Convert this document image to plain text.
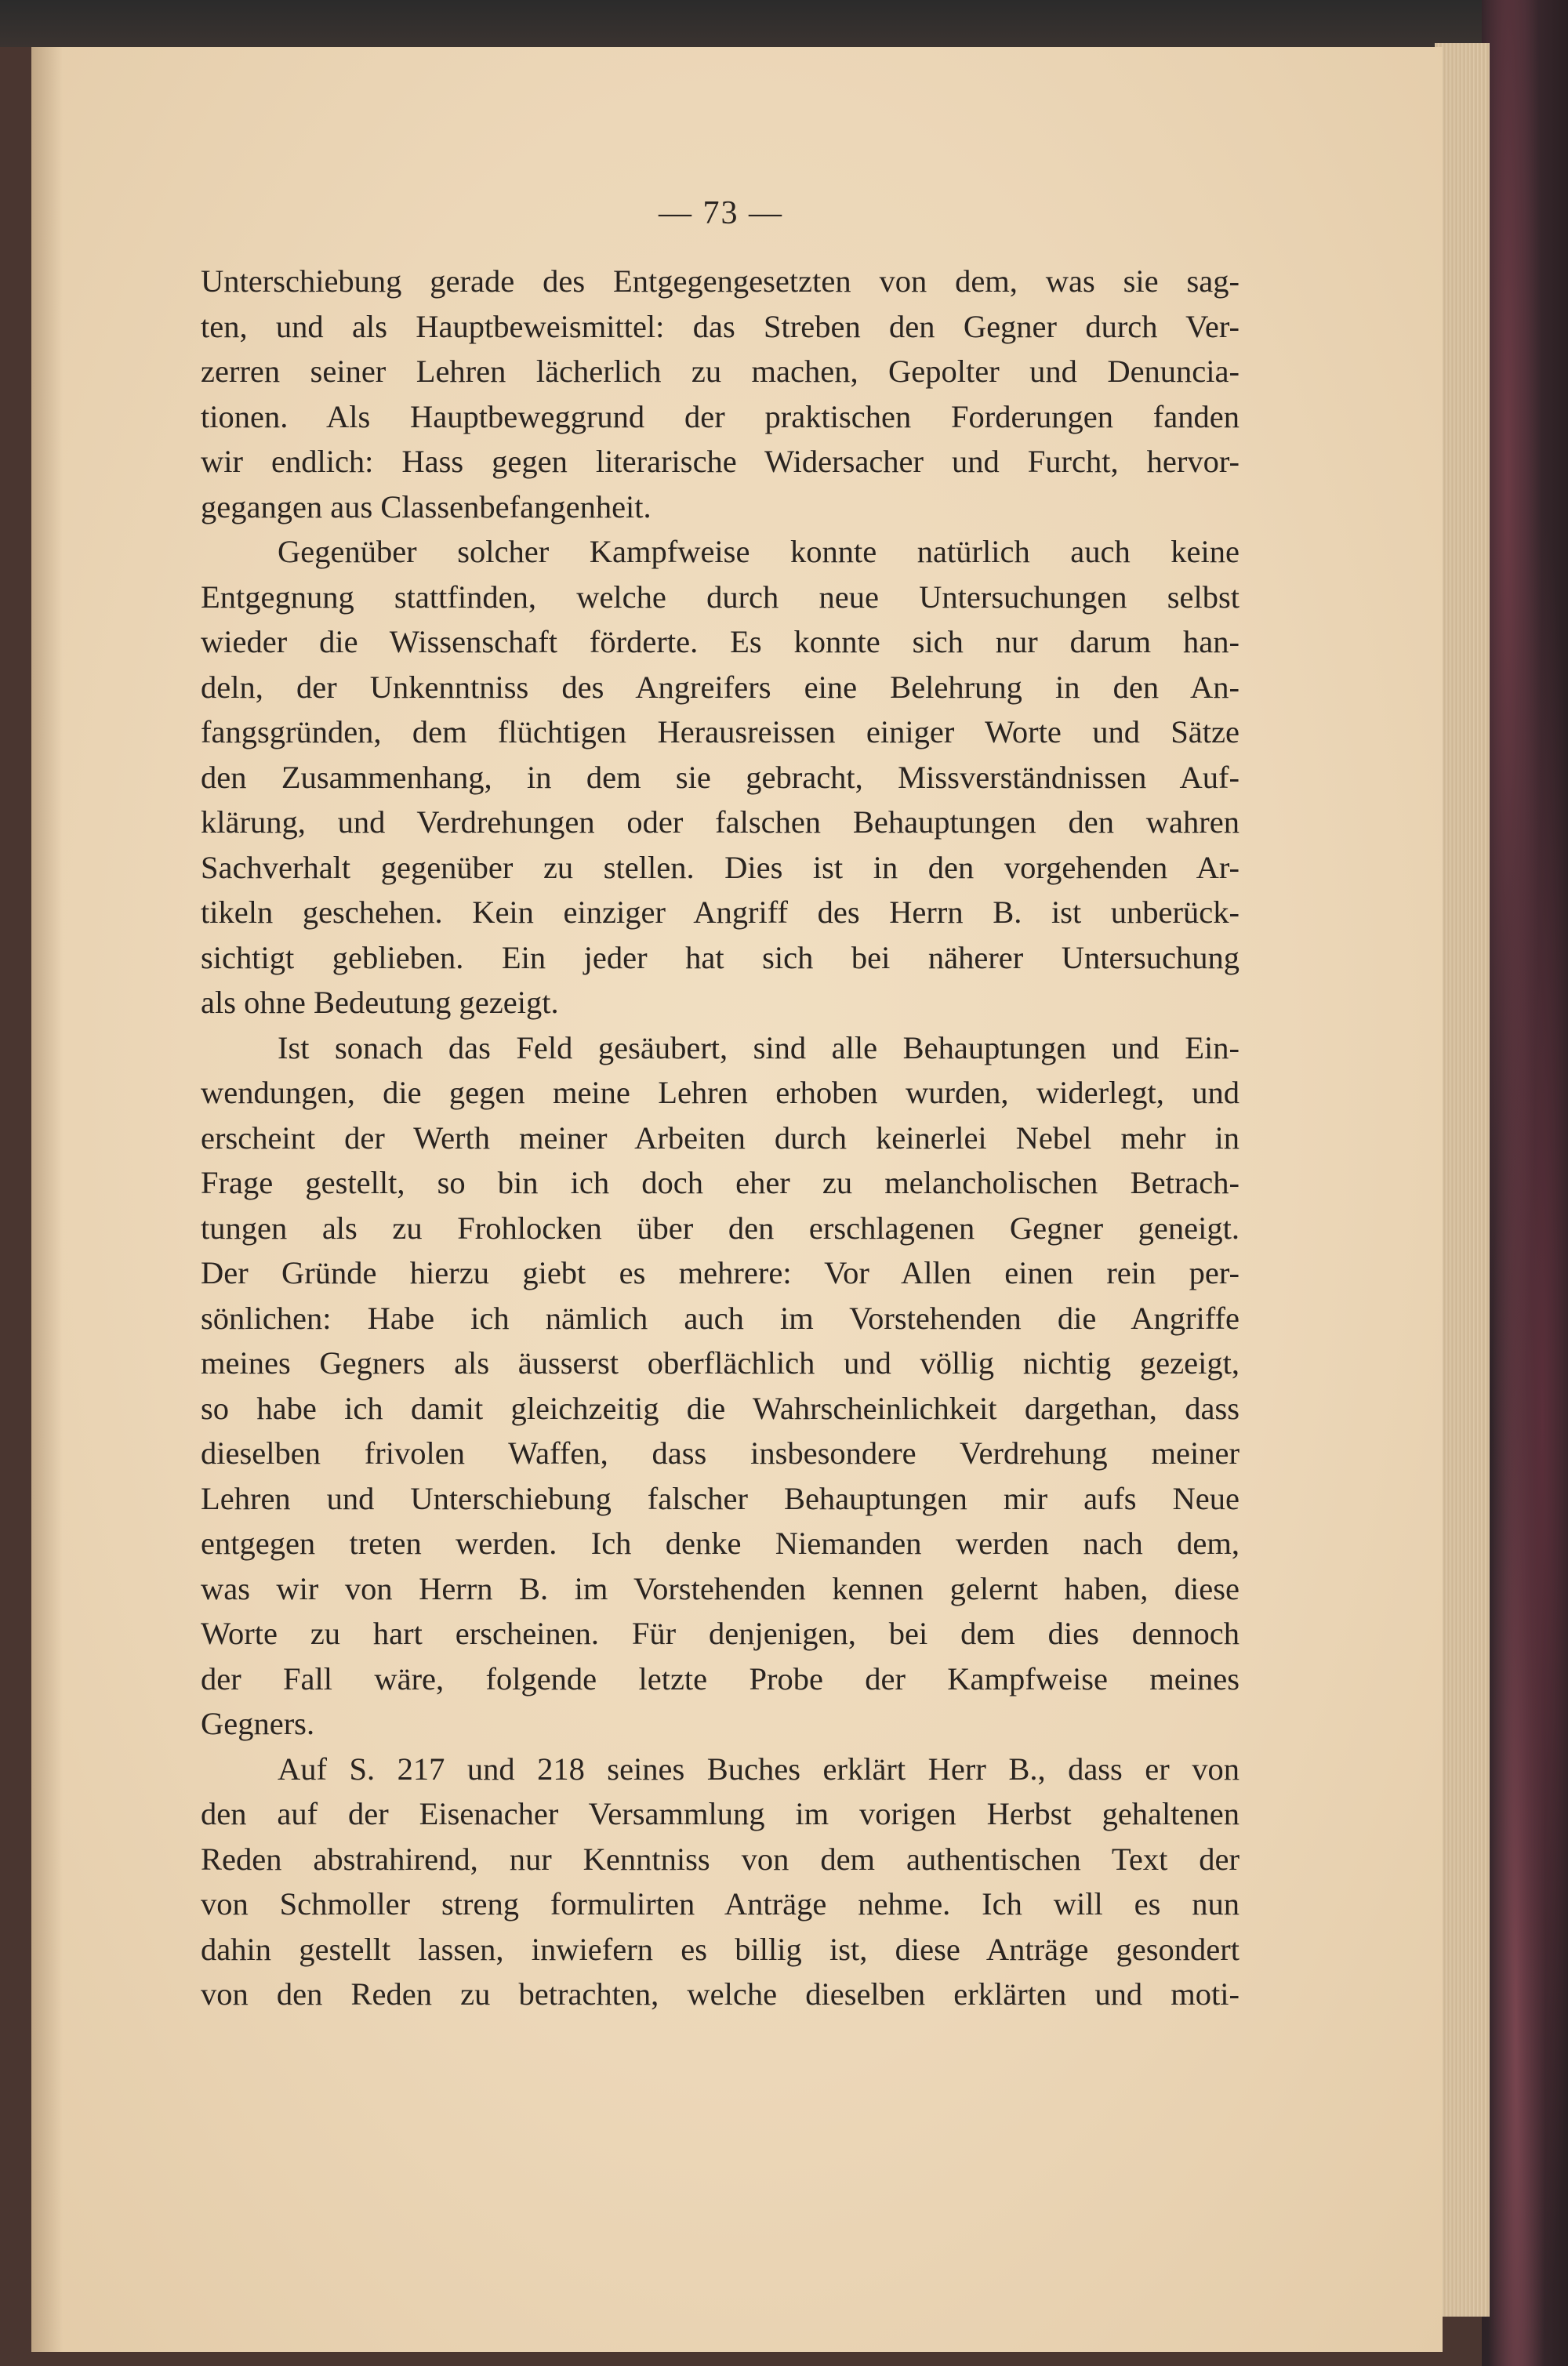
— 73 —
Unterschiebung gerade des Entgegengesetzten von dem, was sie sag-
ten, und als Hauptbeweismittel: das Streben den Gegner durch Ver-
zerren seiner Lehren lächerlich zu machen, Gepolter und Denuncia-
tionen. Als Hauptbeweggrund der praktischen Forderungen fanden
wir endlich: Hass gegen literarische Widersacher und Furcht, hervor-
gegangen aus Classenbefangenheit.
Gegenüber solcher Kampfweise konnte natürlich auch keine
Entgegnung stattfinden, welche durch neue Untersuchungen selbst
wieder die Wissenschaft förderte. Es konnte sich nur darum han-
deln, der Unkenntniss des Angreifers eine Belehrung in den An-
fangsgründen, dem flüchtigen Herausreissen einiger Worte und Sätze
den Zusammenhang, in dem sie gebracht, Missverständnissen Auf-
klärung, und Verdrehungen oder falschen Behauptungen den wahren
Sachverhalt gegenüber zu stellen. Dies ist in den vorgehenden Ar-
tikeln geschehen. Kein einziger Angriff des Herrn B. ist unberück-
sichtigt geblieben. Ein jeder hat sich bei näherer Untersuchung
als ohne Bedeutung gezeigt.
Ist sonach das Feld gesäubert, sind alle Behauptungen und Ein-
wendungen, die gegen meine Lehren erhoben wurden, widerlegt, und
erscheint der Werth meiner Arbeiten durch keinerlei Nebel mehr in
Frage gestellt, so bin ich doch eher zu melancholischen Betrach-
tungen als zu Frohlocken über den erschlagenen Gegner geneigt.
Der Gründe hierzu giebt es mehrere: Vor Allen einen rein per-
sönlichen: Habe ich nämlich auch im Vorstehenden die Angriffe
meines Gegners als äusserst oberflächlich und völlig nichtig gezeigt,
so habe ich damit gleichzeitig die Wahrscheinlichkeit dargethan, dass
dieselben frivolen Waffen, dass insbesondere Verdrehung meiner
Lehren und Unterschiebung falscher Behauptungen mir aufs Neue
entgegen treten werden. Ich denke Niemanden werden nach dem,
was wir von Herrn B. im Vorstehenden kennen gelernt haben, diese
Worte zu hart erscheinen. Für denjenigen, bei dem dies dennoch
der Fall wäre, folgende letzte Probe der Kampfweise meines
Gegners.
Auf S. 217 und 218 seines Buches erklärt Herr B., dass er von
den auf der Eisenacher Versammlung im vorigen Herbst gehaltenen
Reden abstrahirend, nur Kenntniss von dem authentischen Text der
von Schmoller streng formulirten Anträge nehme. Ich will es nun
dahin gestellt lassen, inwiefern es billig ist, diese Anträge gesondert
von den Reden zu betrachten, welche dieselben erklärten und moti-
